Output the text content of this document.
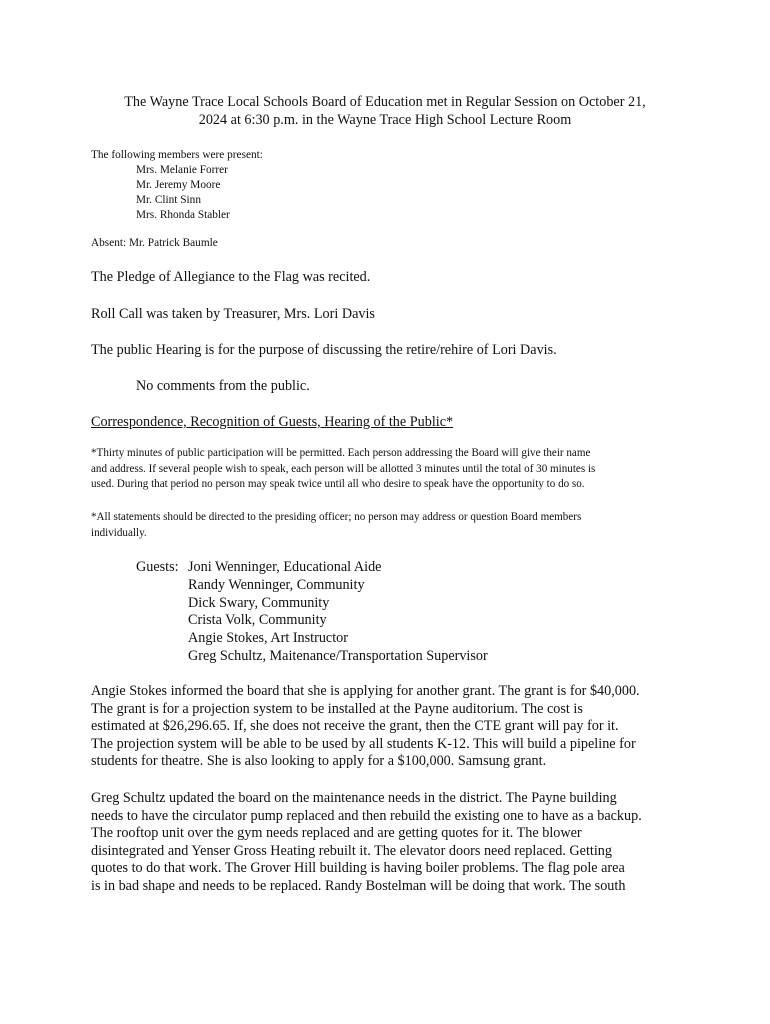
The Wayne Trace Local Schools Board of Education met in Regular Session on October 21,
2024 at 6:30 p.m. in the Wayne Trace High School Lecture Room
The following members were present:
Mrs. Melanie Forrer
Mr. Jeremy Moore
Mr. Clint Sinn
Mrs. Rhonda Stabler
Absent: Mr. Patrick Baumle
The Pledge of Allegiance to the Flag was recited.
Roll Call was taken by Treasurer, Mrs. Lori Davis
The public Hearing is for the purpose of discussing the retire/rehire of Lori Davis.
No comments from the public.
Correspondence, Recognition of Guests, Hearing of the Public*
*Thirty minutes of public participation will be permitted. Each person addressing the Board will give their name
and address. If several people wish to speak, each person will be allotted 3 minutes until the total of 30 minutes is
used. During that period no person may speak twice until all who desire to speak have the opportunity to do so.
*All statements should be directed to the presiding officer; no person may address or question Board members
individually.
Guests: Joni Wenninger, Educational Aide
Randy Wenninger, Community
Dick Swary, Community
Crista Volk, Community
Angie Stokes, Art Instructor
Greg Schultz, Maitenance/Transportation Supervisor
Angie Stokes informed the board that she is applying for another grant. The grant is for $40,000.
The grant is for a projection system to be installed at the Payne auditorium. The cost is
estimated at $26,296.65. If, she does not receive the grant, then the CTE grant will pay for it.
The projection system will be able to be used by all students K-12. This will build a pipeline for
students for theatre. She is also looking to apply for a $100,000. Samsung grant.
Greg Schultz updated the board on the maintenance needs in the district. The Payne building
needs to have the circulator pump replaced and then rebuild the existing one to have as a backup.
The rooftop unit over the gym needs replaced and are getting quotes for it. The blower
disintegrated and Yenser Gross Heating rebuilt it. The elevator doors need replaced. Getting
quotes to do that work. The Grover Hill building is having boiler problems. The flag pole area
is in bad shape and needs to be replaced. Randy Bostelman will be doing that work. The south
